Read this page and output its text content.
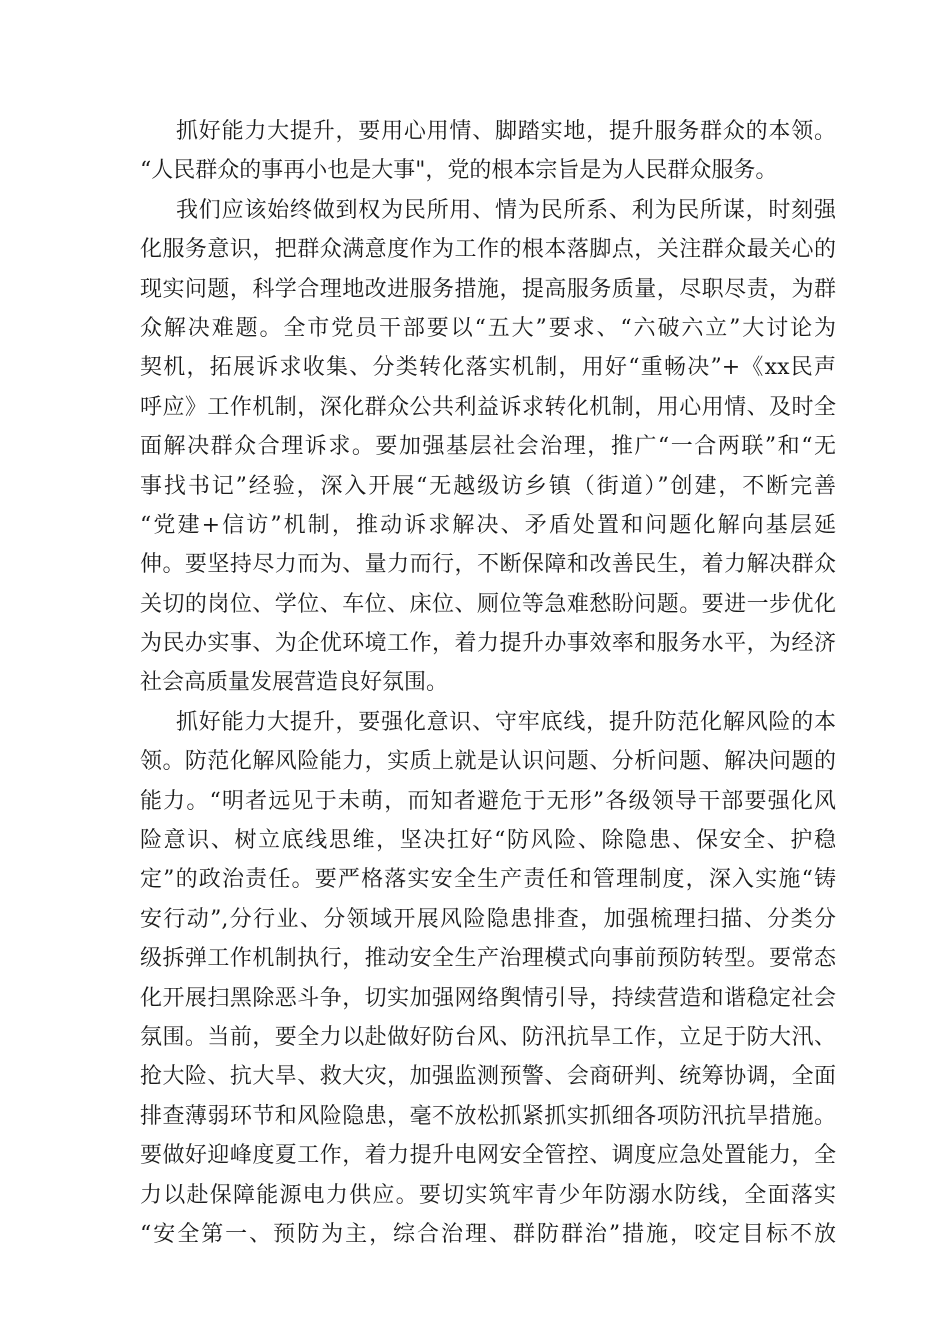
抓好能力大提升，要用心用情、脚踏实地，提升服务群众的本领。
“人民群众的事再小也是大事"，党的根本宗旨是为人民群众服务。
我们应该始终做到权为民所用、情为民所系、利为民所谋，时刻强
化服务意识，把群众满意度作为工作的根本落脚点，关注群众最关心的
现实问题，科学合理地改进服务措施，提高服务质量，尽职尽责，为群
众解决难题。全市党员干部要以“五大”要求、“六破六立”大讨论为
契机，拓展诉求收集、分类转化落实机制，用好“重畅决”+《xx民声
呼应》工作机制，深化群众公共利益诉求转化机制，用心用情、及时全
面解决群众合理诉求。要加强基层社会治理，推广“一合两联”和“无
事找书记”经验，深入开展“无越级访乡镇（街道）”创建，不断完善
“党建+信访”机制，推动诉求解决、矛盾处置和问题化解向基层延
伸。要坚持尽力而为、量力而行，不断保障和改善民生，着力解决群众
关切的岗位、学位、车位、床位、厕位等急难愁盼问题。要进一步优化
为民办实事、为企优环境工作，着力提升办事效率和服务水平，为经济
社会高质量发展营造良好氛围。
抓好能力大提升，要强化意识、守牢底线，提升防范化解风险的本
领。防范化解风险能力，实质上就是认识问题、分析问题、解决问题的
能力。“明者远见于未萌，而知者避危于无形”各级领导干部要强化风
险意识、树立底线思维，坚决扛好“防风险、除隐患、保安全、护稳
定”的政治责任。要严格落实安全生产责任和管理制度，深入实施“铸
安行动”,分行业、分领域开展风险隐患排查，加强梳理扫描、分类分
级拆弹工作机制执行，推动安全生产治理模式向事前预防转型。要常态
化开展扫黑除恶斗争，切实加强网络舆情引导，持续营造和谐稳定社会
氛围。当前，要全力以赴做好防台风、防汛抗旱工作，立足于防大汛、
抢大险、抗大旱、救大灾，加强监测预警、会商研判、统筹协调，全面
排查薄弱环节和风险隐患，毫不放松抓紧抓实抓细各项防汛抗旱措施。
要做好迎峰度夏工作，着力提升电网安全管控、调度应急处置能力，全
力以赴保障能源电力供应。要切实筑牢青少年防溺水防线，全面落实
“安全第一、预防为主，综合治理、群防群治”措施，咬定目标不放
